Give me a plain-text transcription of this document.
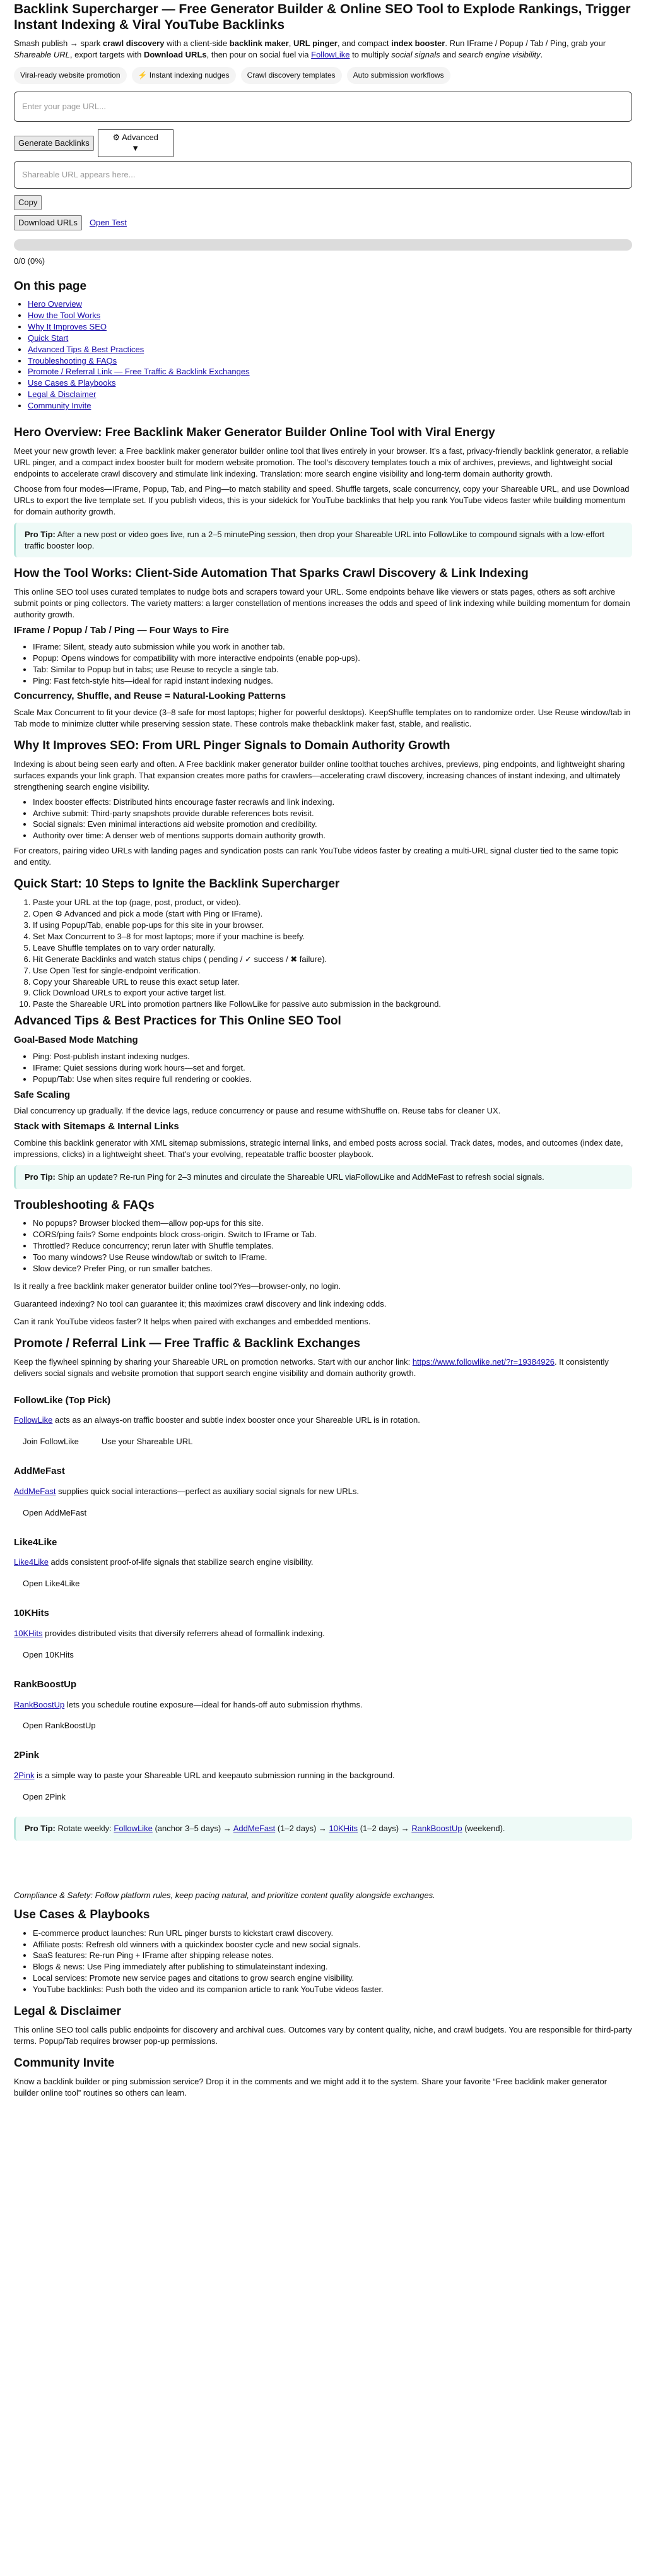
Backlink Supercharger — Free Generator Builder & Online SEO Tool to Explode Rankings, Trigger Instant Indexing & Viral YouTube Backlinks

Smash publish → spark crawl discovery with a client-side backlink maker, URL pinger, and compact index booster. Run IFrame / Popup / Tab / Ping, grab your Shareable URL, export targets with Download URLs, then pour on social fuel via FollowLike to multiply social signals and search engine visibility.

Viral-ready website promotion	⚡ Instant indexing nudges	Crawl discovery templates	Auto submission workflows
Enter your page URL...
Generate Backlinks
⚙ Advanced
▼
Shareable URL appears here...
Copy
Download URLs	Open Test
0/0 (0%)
On this page
• Hero Overview
• How the Tool Works
• Why It Improves SEO
• Quick Start
• Advanced Tips & Best Practices
• Troubleshooting & FAQs
• Promote / Referral Link — Free Traffic & Backlink Exchanges
• Use Cases & Playbooks
• Legal & Disclaimer
• Community Invite
Hero Overview: Free Backlink Maker Generator Builder Online Tool with Viral Energy

Meet your new growth lever: a Free backlink maker generator builder online tool that lives entirely in your browser. It's a fast, privacy-friendly backlink generator, a reliable URL pinger, and a compact index booster built for modern website promotion. The tool's discovery templates touch a mix of archives, previews, and lightweight social endpoints to accelerate crawl discovery and stimulate link indexing. Translation: more search engine visibility and long-term domain authority growth.

Choose from four modes—IFrame, Popup, Tab, and Ping—to match stability and speed. Shuffle targets, scale concurrency, copy your Shareable URL, and use Download URLs to export the live template set. If you publish videos, this is your sidekick for YouTube backlinks that help you rank YouTube videos faster while building momentum for domain authority growth.

Pro Tip: After a new post or video goes live, run a 2–5 minutePing session, then drop your Shareable URL into FollowLike to compound signals with a low-effort traffic booster loop.
How the Tool Works: Client-Side Automation That Sparks Crawl Discovery & Link Indexing

This online SEO tool uses curated templates to nudge bots and scrapers toward your URL. Some endpoints behave like viewers or stats pages, others as soft archive submit points or ping collectors. The variety matters: a larger constellation of mentions increases the odds and speed of link indexing while building momentum for domain authority growth.

IFrame / Popup / Tab / Ping — Four Ways to Fire
• IFrame: Silent, steady auto submission while you work in another tab.
• Popup: Opens windows for compatibility with more interactive endpoints (enable pop-ups).
• Tab: Similar to Popup but in tabs; use Reuse to recycle a single tab.
• Ping: Fast fetch-style hits—ideal for rapid instant indexing nudges.
Concurrency, Shuffle, and Reuse = Natural-Looking Patterns

Scale Max Concurrent to fit your device (3–8 safe for most laptops; higher for powerful desktops). KeepShuffle templates on to randomize order. Use Reuse window/tab in Tab mode to minimize clutter while preserving session state. These controls make thebacklink maker fast, stable, and realistic.

Why It Improves SEO: From URL Pinger Signals to Domain Authority Growth

Indexing is about being seen early and often. A Free backlink maker generator builder online toolthat touches archives, previews, ping endpoints, and lightweight sharing surfaces expands your link graph. That expansion creates more paths for crawlers—accelerating crawl discovery, increasing chances of instant indexing, and ultimately strengthening search engine visibility.

• Index booster effects: Distributed hints encourage faster recrawls and link indexing.
• Archive submit: Third-party snapshots provide durable references bots revisit.
• Social signals: Even minimal interactions aid website promotion and credibility.
• Authority over time: A denser web of mentions supports domain authority growth.

For creators, pairing video URLs with landing pages and syndication posts can rank YouTube videos faster by creating a multi-URL signal cluster tied to the same topic and entity.

Quick Start: 10 Steps to Ignite the Backlink Supercharger
1. Paste your URL at the top (page, post, product, or video).
2. Open ⚙ Advanced and pick a mode (start with Ping or IFrame).
3. If using Popup/Tab, enable pop-ups for this site in your browser.
4. Set Max Concurrent to 3–8 for most laptops; more if your machine is beefy.
5. Leave Shuffle templates on to vary order naturally.
6. Hit Generate Backlinks and watch status chips ( pending / ✓ success / ✖ failure).
7. Use Open Test for single-endpoint verification.
8. Copy your Shareable URL to reuse this exact setup later.
9. Click Download URLs to export your active target list.
10. Paste the Shareable URL into promotion partners like FollowLike for passive auto submission in the background.
Advanced Tips & Best Practices for This Online SEO Tool
Goal-Based Mode Matching
• Ping: Post-publish instant indexing nudges.
• IFrame: Quiet sessions during work hours—set and forget.
• Popup/Tab: Use when sites require full rendering or cookies.
Safe Scaling

Dial concurrency up gradually. If the device lags, reduce concurrency or pause and resume withShuffle on. Reuse tabs for cleaner UX.

Stack with Sitemaps & Internal Links

Combine this backlink generator with XML sitemap submissions, strategic internal links, and embed posts across social. Track dates, modes, and outcomes (index date, impressions, clicks) in a lightweight sheet. That's your evolving, repeatable traffic booster playbook.

Pro Tip: Ship an update? Re-run Ping for 2–3 minutes and circulate the Shareable URL viaFollowLike and AddMeFast to refresh social signals.
Troubleshooting & FAQs
• No popups? Browser blocked them—allow pop-ups for this site.
• CORS/ping fails? Some endpoints block cross-origin. Switch to IFrame or Tab.
• Throttled? Reduce concurrency; rerun later with Shuffle templates.
• Too many windows? Use Reuse window/tab or switch to IFrame.
• Slow device? Prefer Ping, or run smaller batches.

Is it really a free backlink maker generator builder online tool?Yes—browser-only, no login.

Guaranteed indexing? No tool can guarantee it; this maximizes crawl discovery and link indexing odds.

Can it rank YouTube videos faster? It helps when paired with exchanges and embedded mentions.

Promote / Referral Link — Free Traffic & Backlink Exchanges

Keep the flywheel spinning by sharing your Shareable URL on promotion networks. Start with our anchor link: https://www.followlike.net/?r=19384926. It consistently delivers social signals and website promotion that support search engine visibility and domain authority growth.

FollowLike (Top Pick)

FollowLike acts as an always-on traffic booster and subtle index booster once your Shareable URL is in rotation.

Join FollowLike	Use your Shareable URL
AddMeFast

AddMeFast supplies quick social interactions—perfect as auxiliary social signals for new URLs.

Open AddMeFast
Like4Like

Like4Like adds consistent proof-of-life signals that stabilize search engine visibility.

Open Like4Like
10KHits

10KHits provides distributed visits that diversify referrers ahead of formallink indexing.

Open 10KHits
RankBoostUp

RankBoostUp lets you schedule routine exposure—ideal for hands-off auto submission rhythms.

Open RankBoostUp
2Pink

2Pink is a simple way to paste your Shareable URL and keepauto submission running in the background.

Open 2Pink
Pro Tip: Rotate weekly: FollowLike (anchor 3–5 days) → AddMeFast (1–2 days) → 10KHits (1–2 days) → RankBoostUp (weekend).

Compliance & Safety: Follow platform rules, keep pacing natural, and prioritize content quality alongside exchanges.

Use Cases & Playbooks
• E-commerce product launches: Run URL pinger bursts to kickstart crawl discovery.
• Affiliate posts: Refresh old winners with a quickindex booster cycle and new social signals.
• SaaS features: Re-run Ping + IFrame after shipping release notes.
• Blogs & news: Use Ping immediately after publishing to stimulateinstant indexing.
• Local services: Promote new service pages and citations to grow search engine visibility.
• YouTube backlinks: Push both the video and its companion article to rank YouTube videos faster.
Legal & Disclaimer

This online SEO tool calls public endpoints for discovery and archival cues. Outcomes vary by content quality, niche, and crawl budgets. You are responsible for third-party terms. Popup/Tab requires browser pop-up permissions.

Community Invite

Know a backlink builder or ping submission service? Drop it in the comments and we might add it to the system. Share your favorite “Free backlink maker generator builder online tool” routines so others can learn.
